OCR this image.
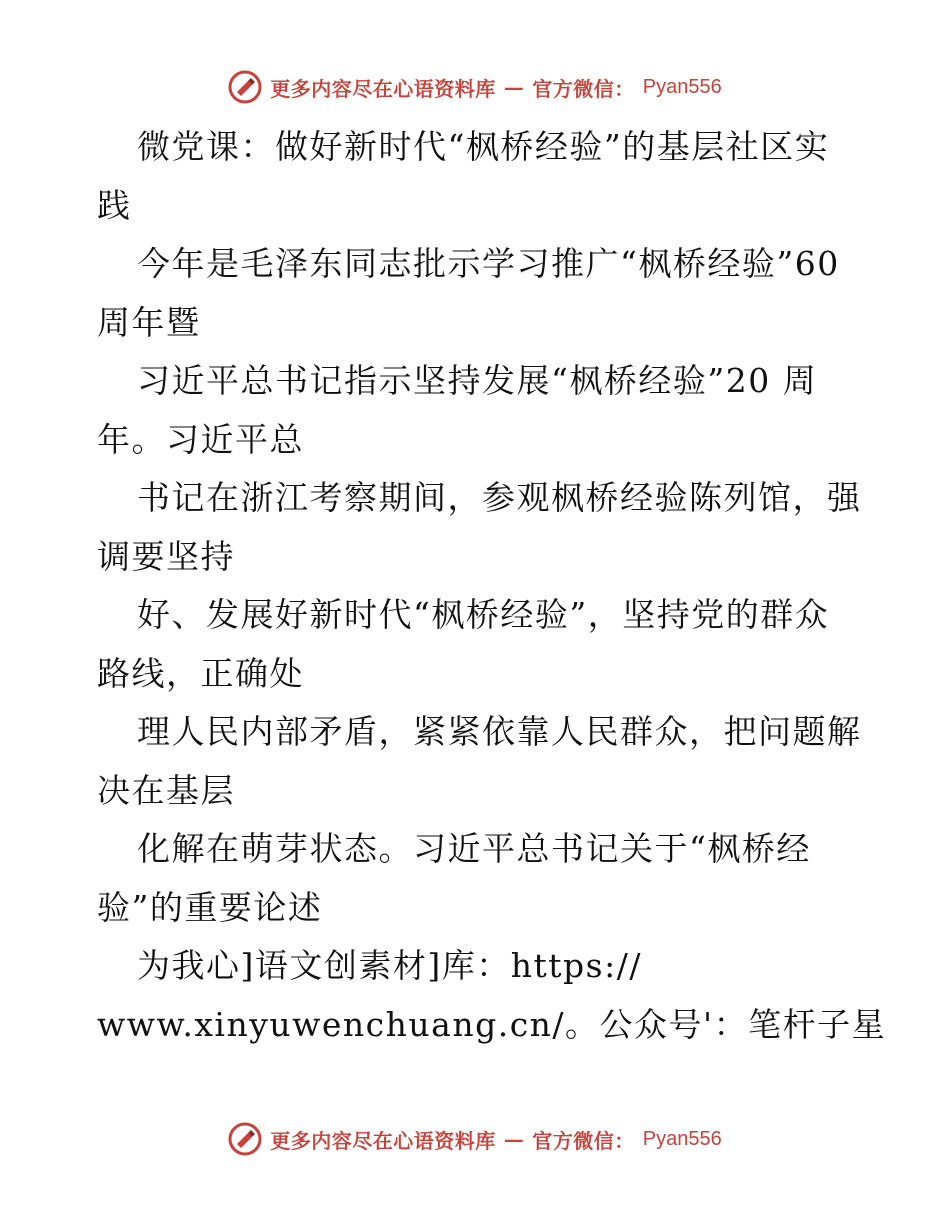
更多内容尽在心语资料库 — 官方微信： Pyan556
微党课：做好新时代“枫桥经验”的基层社区实
践
今年是毛泽东同志批示学习推广“枫桥经验”60
周年暨
习近平总书记指示坚持发展“枫桥经验”20 周
年。习近平总
书记在浙江考察期间，参观枫桥经验陈列馆，强
调要坚持
好、发展好新时代“枫桥经验”，坚持党的群众
路线，正确处
理人民内部矛盾，紧紧依靠人民群众，把问题解
决在基层
化解在萌芽状态。习近平总书记关于“枫桥经
验”的重要论述
为我心]语文创素材]库：https://
www.xinyuwenchuang.cn/。公众号'：笔杆子星
更多内容尽在心语资料库 — 官方微信： Pyan556
